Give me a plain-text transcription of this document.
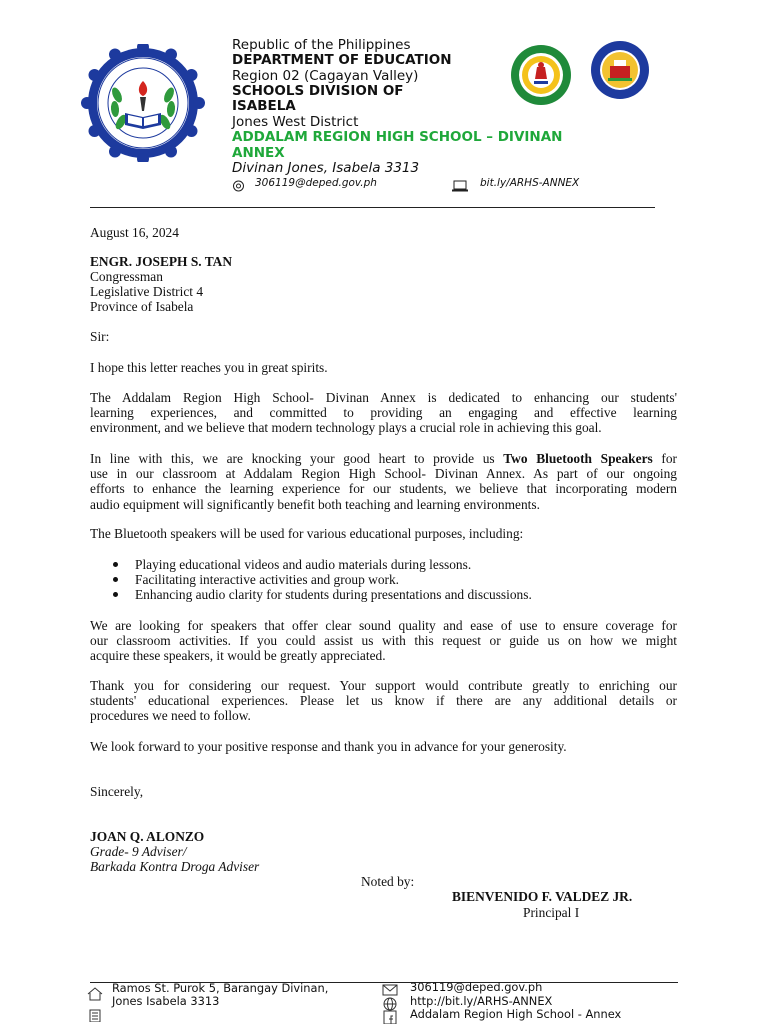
Republic of the Philippines
DEPARTMENT OF EDUCATION
Region 02 (Cagayan Valley)
SCHOOLS DIVISION OF
ISABELA
Jones West District
ADDALAM REGION HIGH SCHOOL – DIVINAN
ANNEX
Divinan Jones, Isabela 3313
306119@deped.gov.ph	bit.ly/ARHS-ANNEX
August 16, 2024
ENGR. JOSEPH S. TAN
Congressman
Legislative District 4
Province of Isabela
Sir:
I hope this letter reaches you in great spirits.
The Addalam Region High School- Divinan Annex is dedicated to enhancing our students'
learning experiences, and committed to providing an engaging and effective learning
environment, and we believe that modern technology plays a crucial role in achieving this goal.
In line with this, we are knocking your good heart to provide us Two Bluetooth Speakers for
use in our classroom at Addalam Region High School- Divinan Annex. As part of our ongoing
efforts to enhance the learning experience for our students, we believe that incorporating modern
audio equipment will significantly benefit both teaching and learning environments.
The Bluetooth speakers will be used for various educational purposes, including:
Playing educational videos and audio materials during lessons.
Facilitating interactive activities and group work.
Enhancing audio clarity for students during presentations and discussions.
We are looking for speakers that offer clear sound quality and ease of use to ensure coverage for
our classroom activities. If you could assist us with this request or guide us on how we might
acquire these speakers, it would be greatly appreciated.
Thank you for considering our request. Your support would contribute greatly to enriching our
students' educational experiences. Please let us know if there are any additional details or
procedures we need to follow.
We look forward to your positive response and thank you in advance for your generosity.
Sincerely,
JOAN Q. ALONZO
Grade- 9 Adviser/
Barkada Kontra Droga Adviser
Noted by:
BIENVENIDO F. VALDEZ JR.
Principal I
Ramos St. Purok 5, Barangay Divinan,
Jones Isabela 3313
306119@deped.gov.ph
http://bit.ly/ARHS-ANNEX
Addalam Region High School - Annex
